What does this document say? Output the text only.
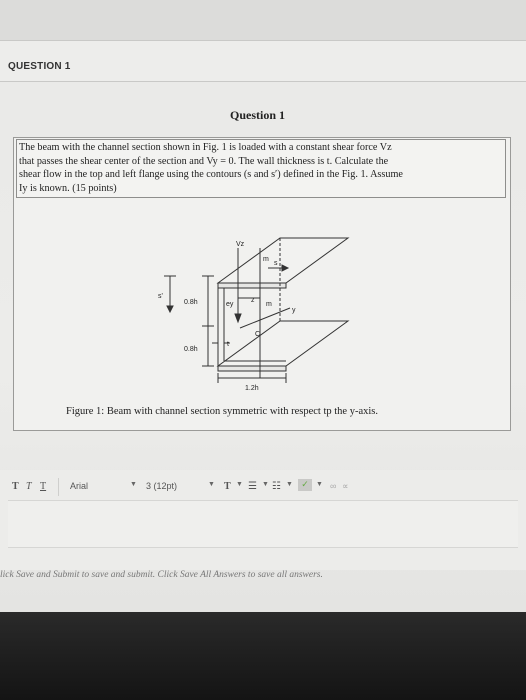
QUESTION 1
Question 1
The beam with the channel section shown in Fig. 1 is loaded with a constant shear force Vz
that passes the shear center of the section and Vy = 0. The wall thickness is t. Calculate the
shear flow in the top and left flange using the contours (s and s′) defined in the Fig. 1. Assume
Iy is known. (15 points)
Vz
m
s
s'
0.8h	ey
z
m
0.8h
t
C
y
1.2h
Figure 1: Beam with channel section symmetric with respect tp the y-axis.
T T T	Arial	▼ 3 (12pt)	▼ T ▼ ☰ ▼ ☷ ▼ ✓	▼ ∞ ∝
lick Save and Submit to save and submit. Click Save All Answers to save all answers.
